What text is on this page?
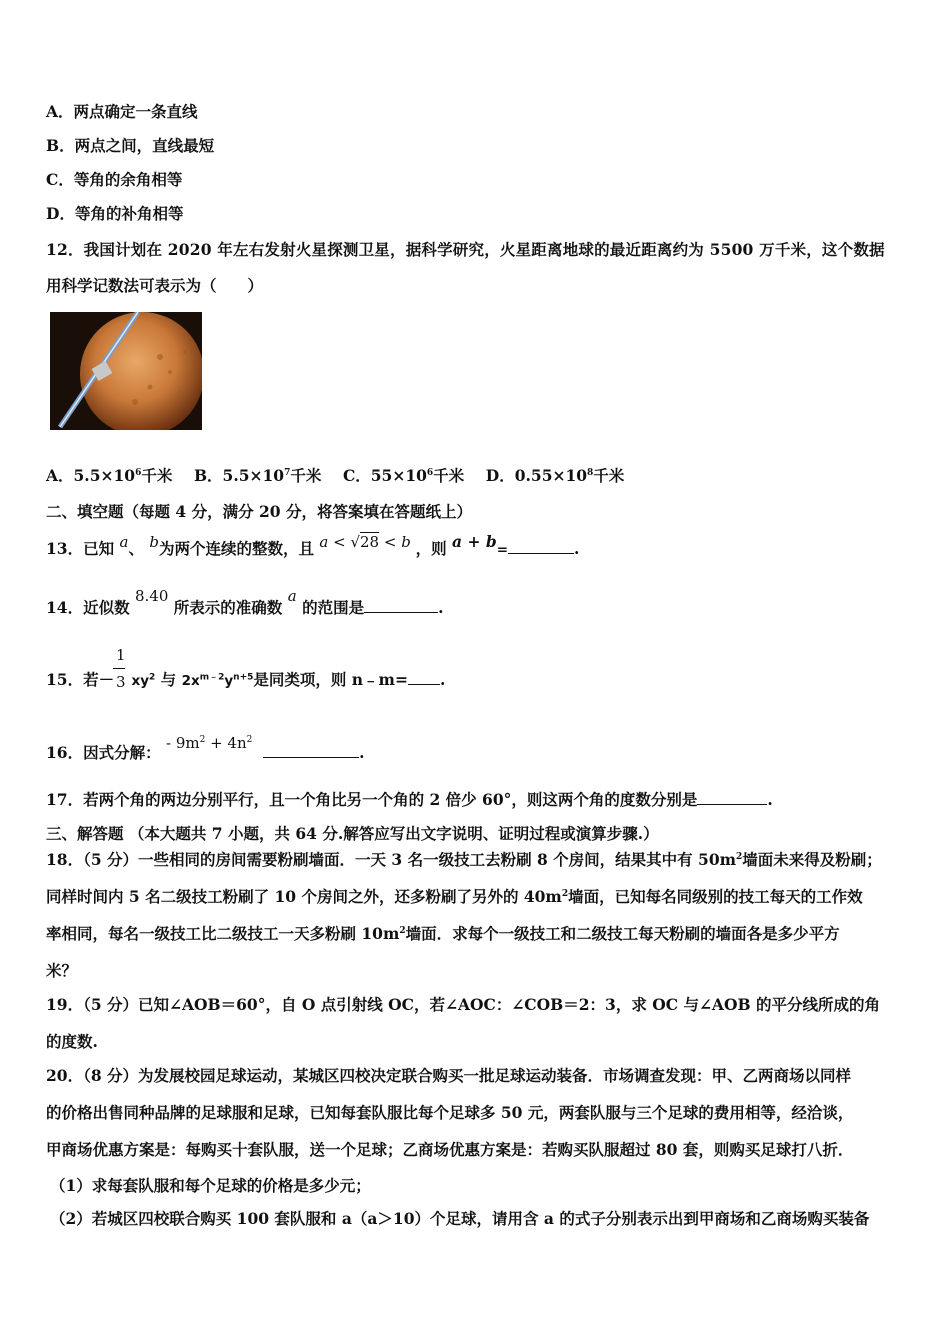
A．两点确定一条直线
B．两点之间，直线最短
C．等角的余角相等
D．等角的补角相等
12．我国计划在 2020 年左右发射火星探测卫星，据科学研究，火星距离地球的最近距离约为 5500 万千米，这个数据
用科学记数法可表示为（　　）
A．$5.5\times 10^6$千米 B．$5.5\times 10^7$千米 C．$55\times 10^6$千米 D．$0.55\times 10^8$千米
二、填空题（每题 4 分，满分 20 分，将答案填在答题纸上）
13．已知 a、 b为两个连续的整数，且 a < √28 < b ，则 a + b=	.
14．近似数 8.40 所表示的准确数 a 的范围是	.
1
3
15．若－ $xy^2$ 与 $2x^{m﹣2}y^{n+5}$是同类项，则 n﹣m= .
16．因式分解： - $9m^2 + 4n^2$ .
17．若两个角的两边分别平行，且一个角比另一个角的 2 倍少 60°，则这两个角的度数分别是	.
三、解答题 （本大题共 7 小题，共 64 分.解答应写出文字说明、证明过程或演算步骤.）
18．（5 分）一些相同的房间需要粉刷墙面．一天 3 名一级技工去粉刷 8 个房间，结果其中有 $50m^2$墙面未来得及粉刷；
同样时间内 5 名二级技工粉刷了 10 个房间之外，还多粉刷了另外的 $40m^2$墙面，已知每名同级别的技工每天的工作效
率相同，每名一级技工比二级技工一天多粉刷 $10m^2$墙面．求每个一级技工和二级技工每天粉刷的墙面各是多少平方
米？
19．（5 分）已知∠AOB＝60°，自 O 点引射线 OC，若∠AOC：∠COB＝2：3，求 OC 与∠AOB 的平分线所成的角
的度数.
20．（8 分）为发展校园足球运动，某城区四校决定联合购买一批足球运动装备．市场调查发现：甲、乙两商场以同样
的价格出售同种品牌的足球服和足球，已知每套队服比每个足球多 50 元，两套队服与三个足球的费用相等，经洽谈，
甲商场优惠方案是：每购买十套队服，送一个足球；乙商场优惠方案是：若购买队服超过 80 套，则购买足球打八折．
（1）求每套队服和每个足球的价格是多少元；
（2）若城区四校联合购买 100 套队服和 a（a＞10）个足球，请用含 a 的式子分别表示出到甲商场和乙商场购买装备
